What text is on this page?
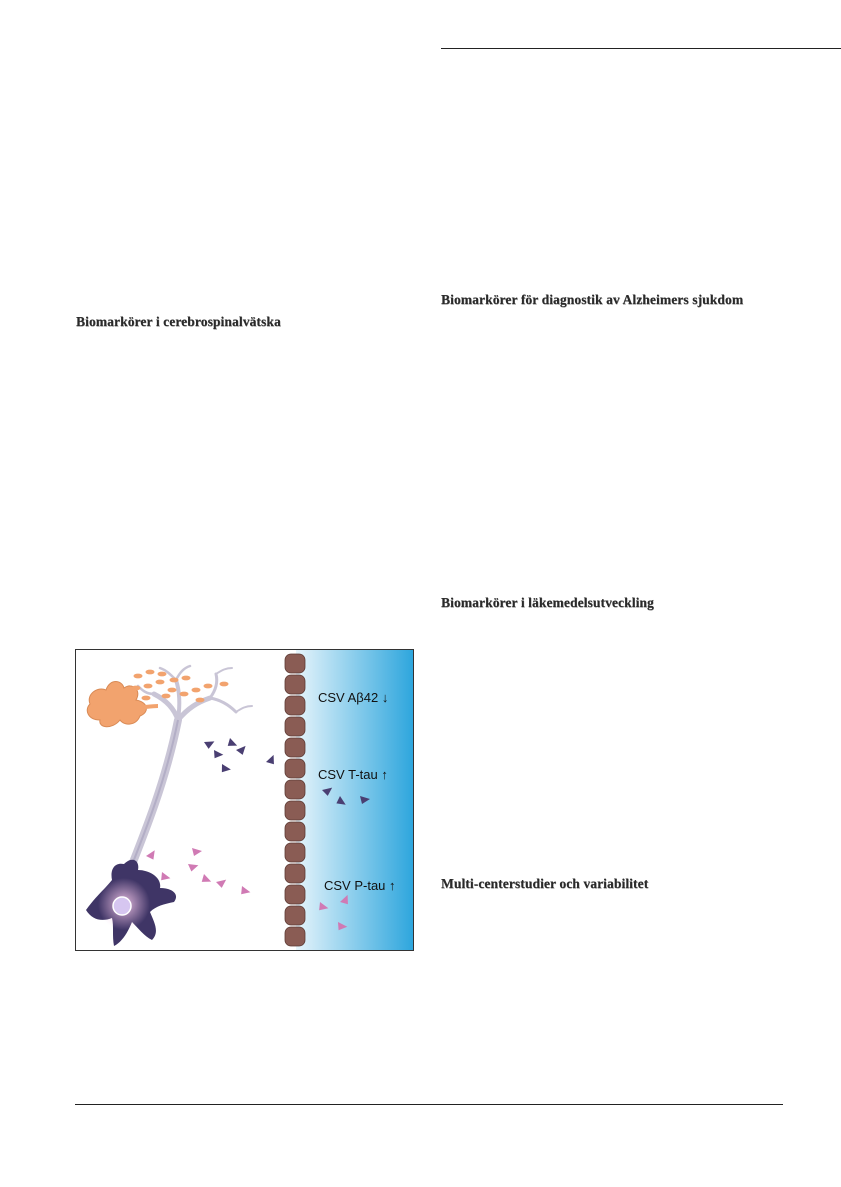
Biomarkörer i cerebrospinalvätska
Biomarkörer för diagnostik av Alzheimers sjukdom
Biomarkörer i läkemedelsutveckling
Multi-centerstudier och variabilitet
CSV Aβ42 ↓
CSV T-tau ↑
CSV P-tau ↑
